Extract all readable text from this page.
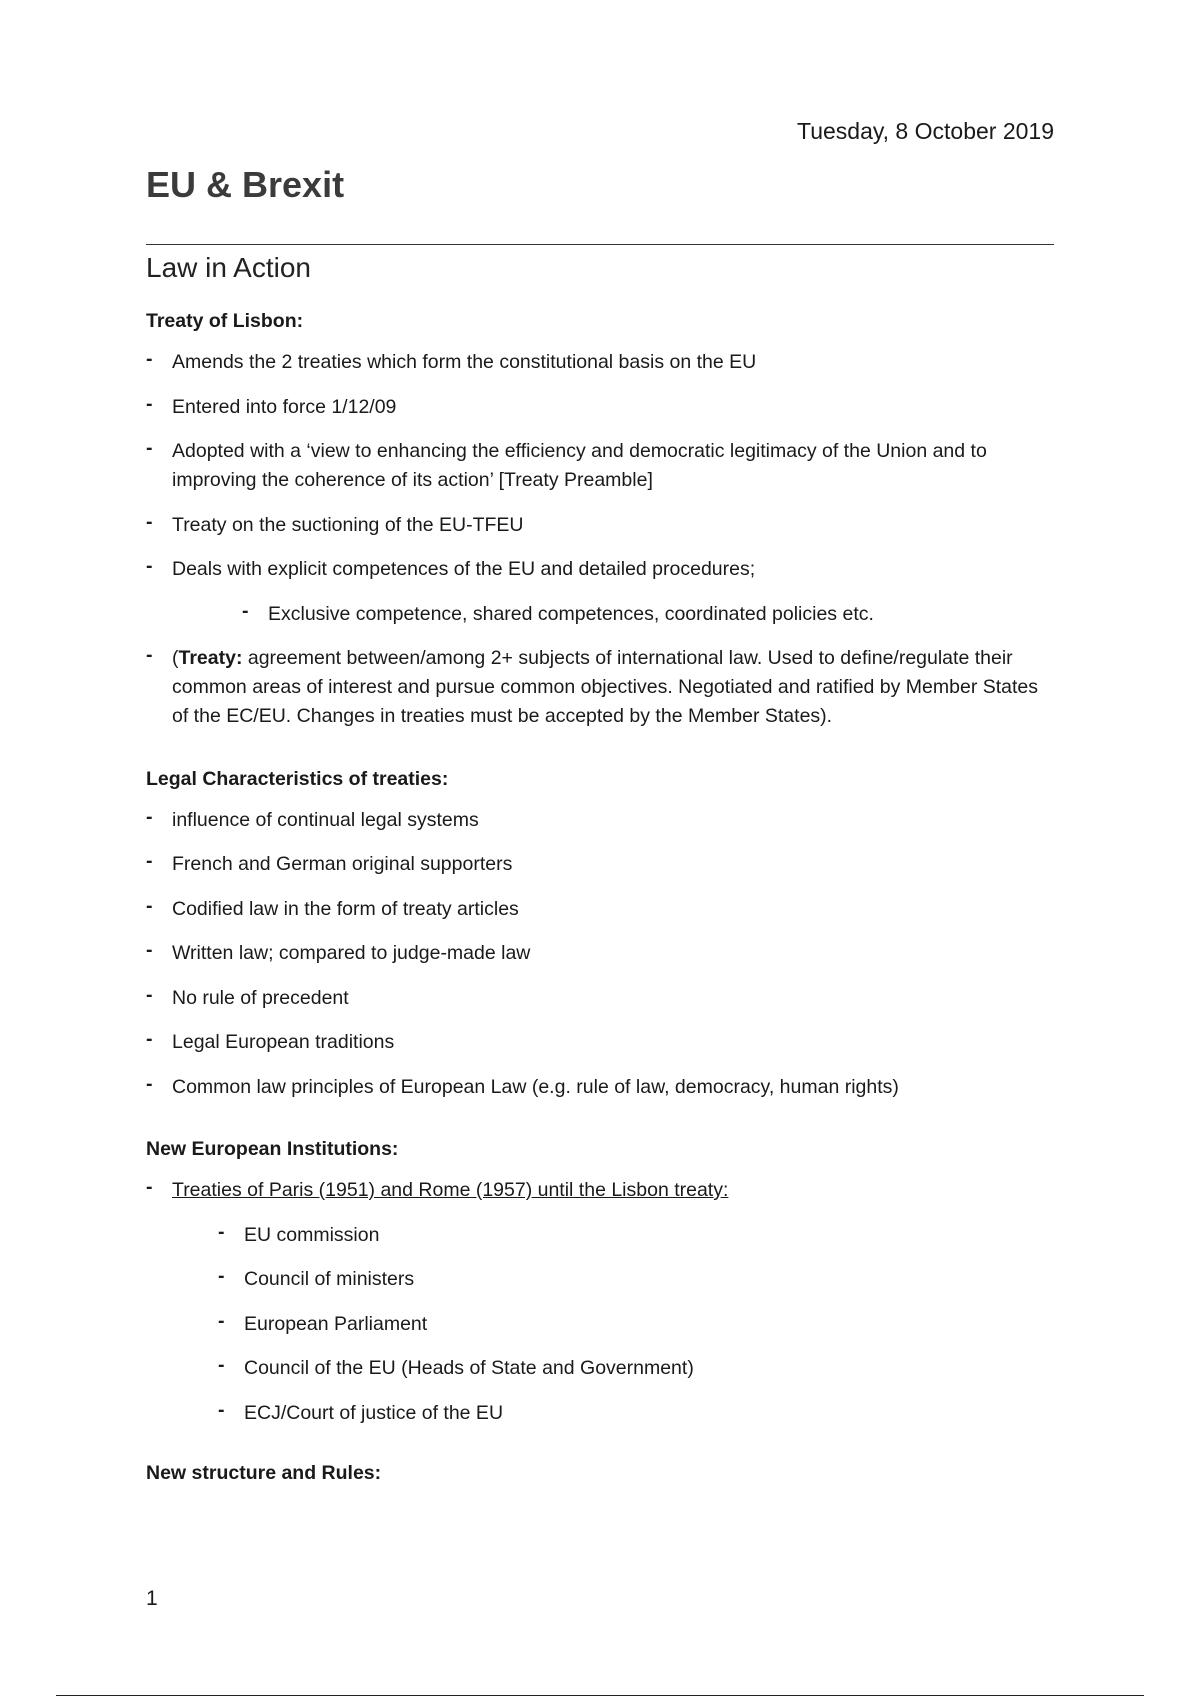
Tuesday, 8 October 2019
EU & Brexit
Law in Action
Treaty of Lisbon:
- Amends the 2 treaties which form the constitutional basis on the EU
- Entered into force 1/12/09
- Adopted with a ‘view to enhancing the efficiency and democratic legitimacy of the Union and to improving the coherence of its action’ [Treaty Preamble]
- Treaty on the suctioning of the EU-TFEU
- Deals with explicit competences of the EU and detailed procedures;
- Exclusive competence, shared competences, coordinated policies etc.
- (Treaty: agreement between/among 2+ subjects of international law. Used to define/regulate their common areas of interest and pursue common objectives. Negotiated and ratified by Member States of the EC/EU. Changes in treaties must be accepted by the Member States).
Legal Characteristics of treaties:
- influence of continual legal systems
- French and German original supporters
- Codified law in the form of treaty articles
- Written law; compared to judge-made law
- No rule of precedent
- Legal European traditions
- Common law principles of European Law (e.g. rule of law, democracy, human rights)
New European Institutions:
- Treaties of Paris (1951) and Rome (1957) until the Lisbon treaty:
- EU commission
- Council of ministers
- European Parliament
- Council of the EU (Heads of State and Government)
- ECJ/Court of justice of the EU
New structure and Rules:
1
